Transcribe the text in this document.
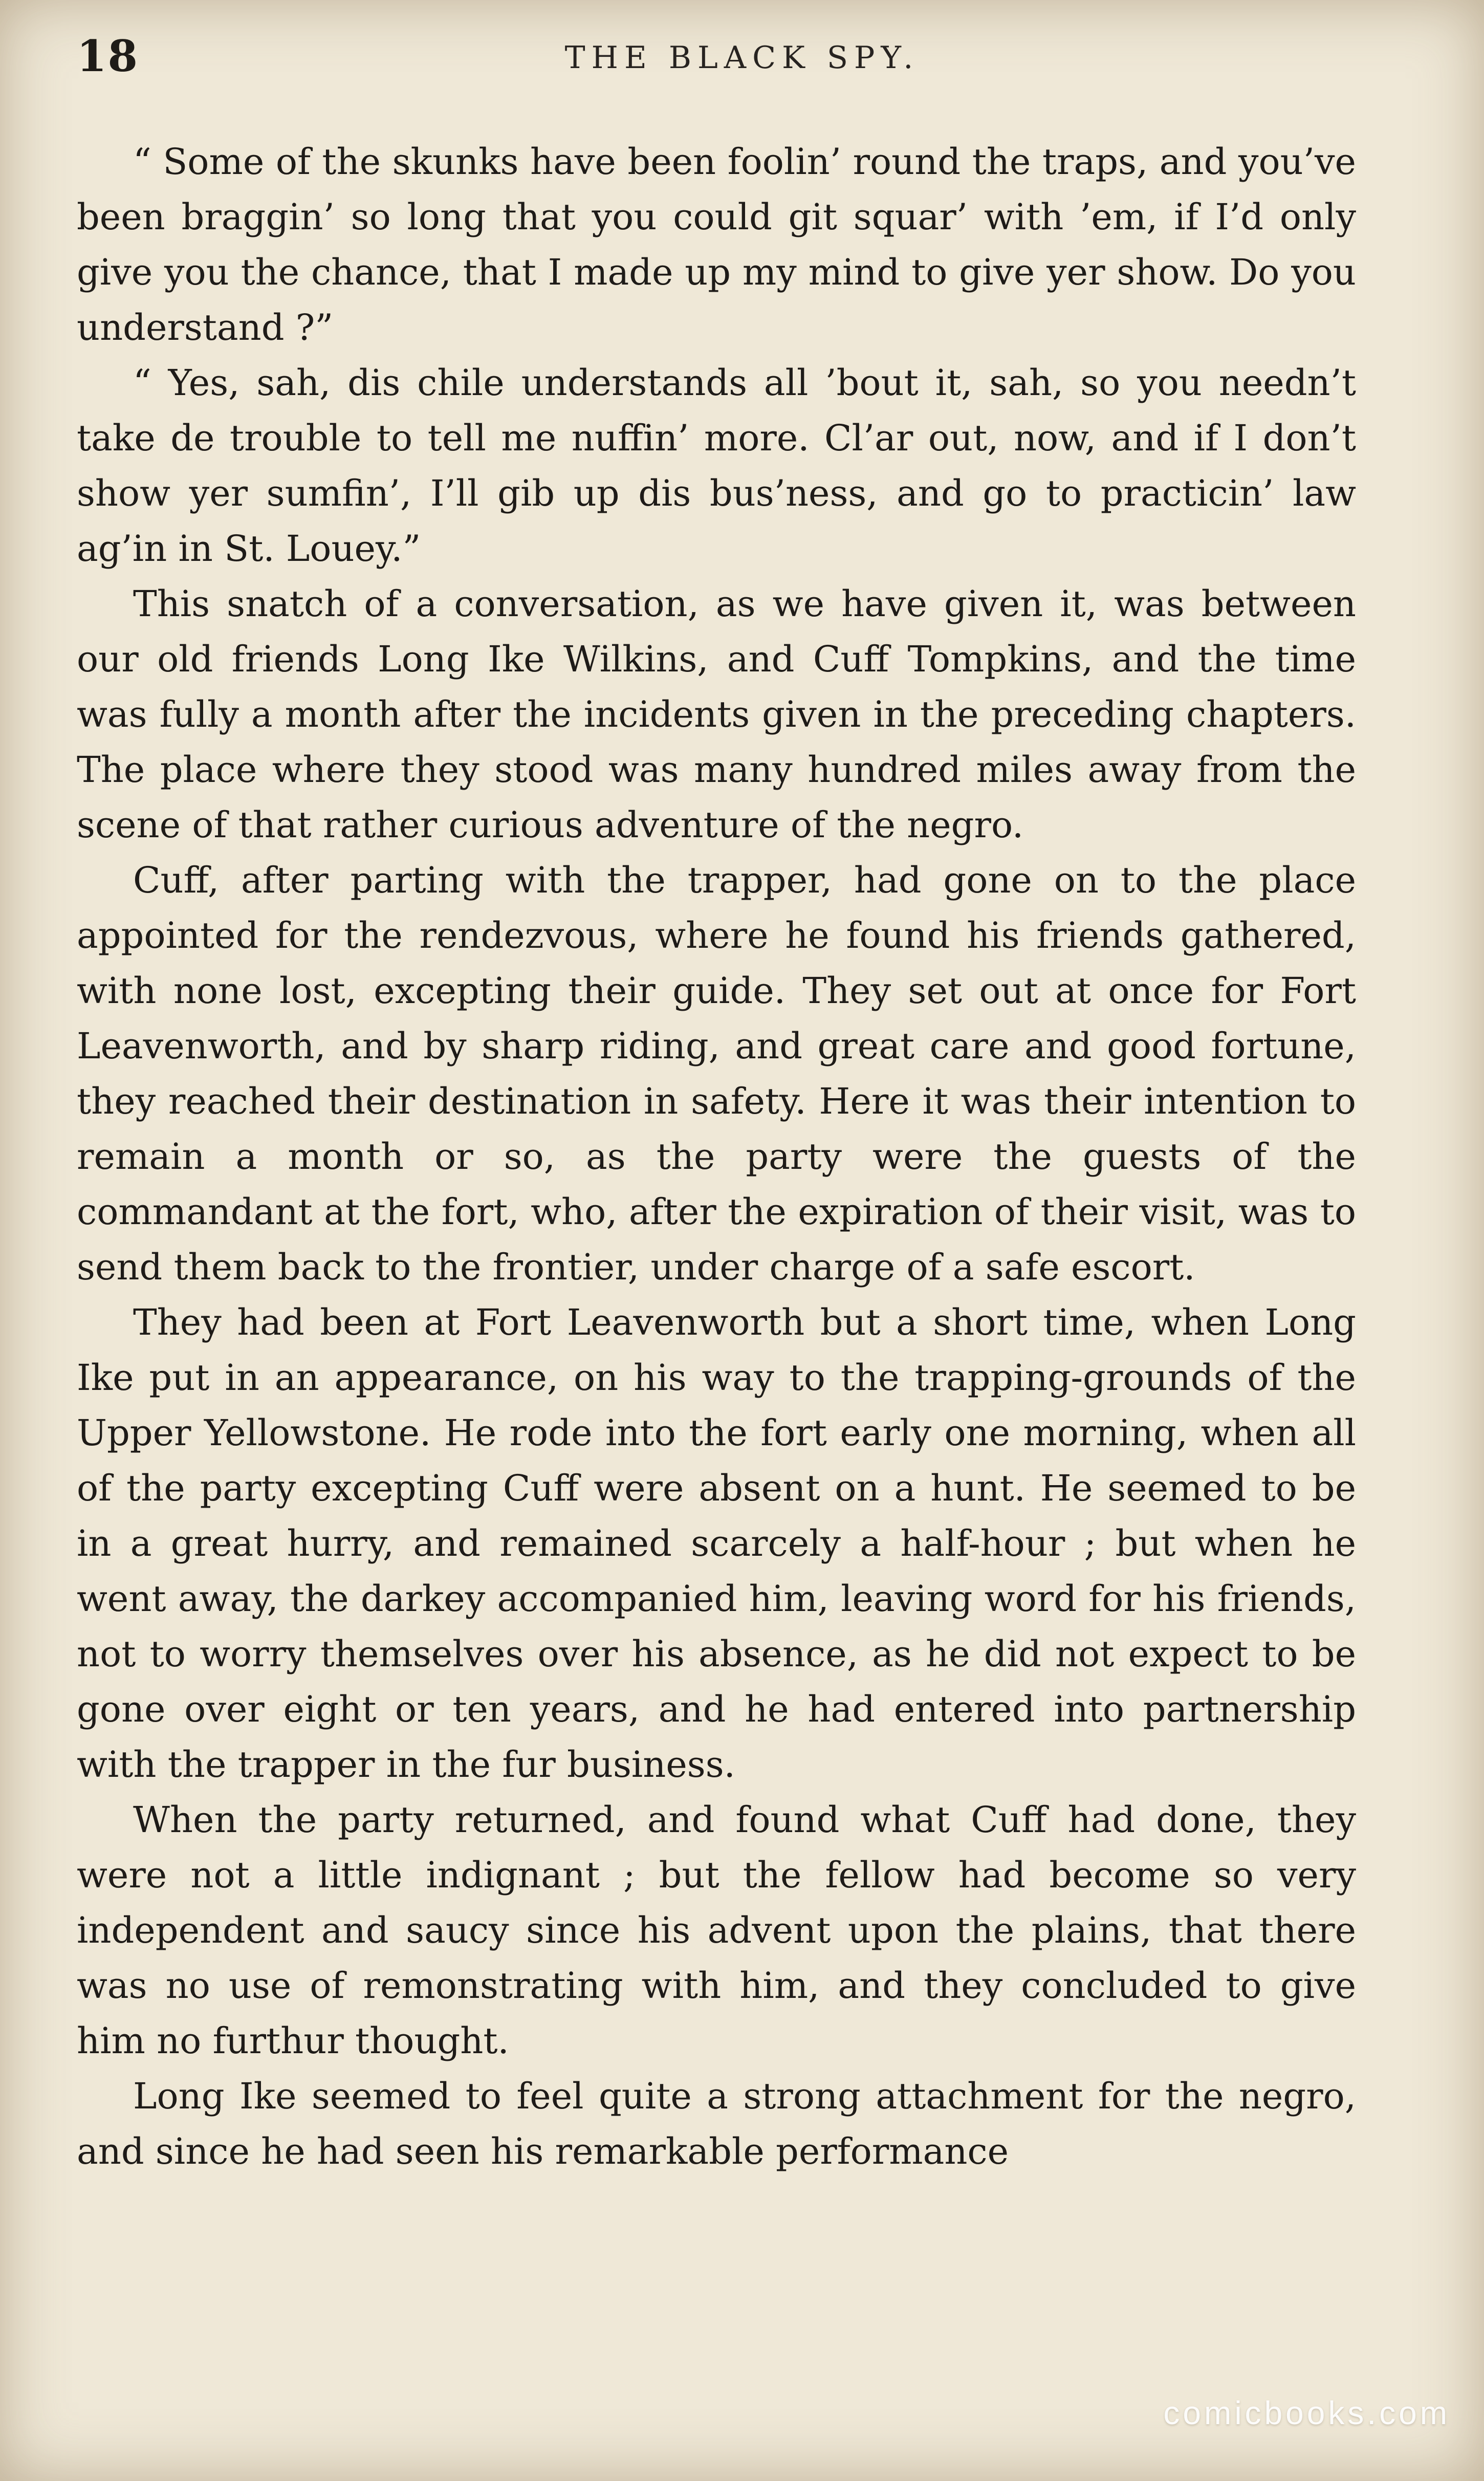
18	THE BLACK SPY.

“ Some of the skunks have been foolin’ round the traps, and you’ve been braggin’ so long that you could git squar’ with ’em, if I’d only give you the chance, that I made up my mind to give yer show. Do you understand ?”

“ Yes, sah, dis chile understands all ’bout it, sah, so you needn’t take de trouble to tell me nuffin’ more. Cl’ar out, now, and if I don’t show yer sumfin’, I’ll gib up dis bus’ness, and go to practicin’ law ag’in in St. Louey.”

This snatch of a conversation, as we have given it, was between our old friends Long Ike Wilkins, and Cuff Tompkins, and the time was fully a month after the incidents given in the preceding chapters. The place where they stood was many hundred miles away from the scene of that rather curious adventure of the negro.

Cuff, after parting with the trapper, had gone on to the place appointed for the rendezvous, where he found his friends gathered, with none lost, excepting their guide. They set out at once for Fort Leavenworth, and by sharp riding, and great care and good fortune, they reached their destination in safety. Here it was their intention to remain a month or so, as the party were the guests of the commandant at the fort, who, after the expiration of their visit, was to send them back to the frontier, under charge of a safe escort.

They had been at Fort Leavenworth but a short time, when Long Ike put in an appearance, on his way to the trapping-grounds of the Upper Yellowstone. He rode into the fort early one morning, when all of the party excepting Cuff were absent on a hunt. He seemed to be in a great hurry, and remained scarcely a half-hour ; but when he went away, the darkey accompanied him, leaving word for his friends, not to worry themselves over his absence, as he did not expect to be gone over eight or ten years, and he had entered into partnership with the trapper in the fur business.

When the party returned, and found what Cuff had done, they were not a little indignant ; but the fellow had become so very independent and saucy since his advent upon the plains, that there was no use of remonstrating with him, and they concluded to give him no furthur thought.

Long Ike seemed to feel quite a strong attachment for the negro, and since he had seen his remarkable performance

comicbooks.com
